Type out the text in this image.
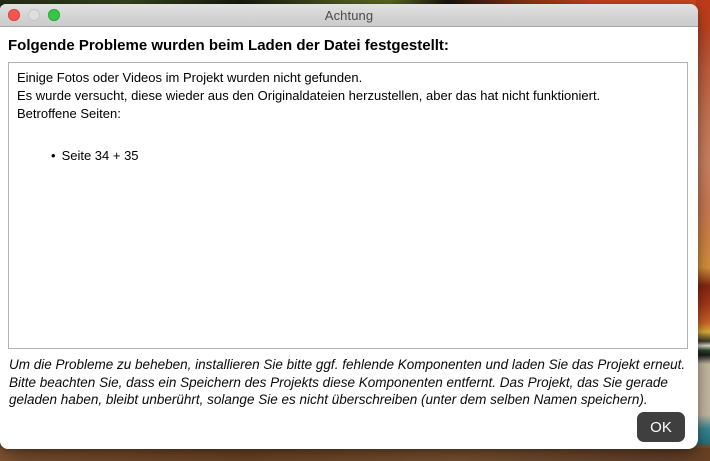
Achtung
Folgende Probleme wurden beim Laden der Datei festgestellt:
Einige Fotos oder Videos im Projekt wurden nicht gefunden.
Es wurde versucht, diese wieder aus den Originaldateien herzustellen, aber das hat nicht funktioniert.
Betroffene Seiten:
• Seite 34 + 35
Um die Probleme zu beheben, installieren Sie bitte ggf. fehlende Komponenten und laden Sie das Projekt erneut. Bitte beachten Sie, dass ein Speichern des Projekts diese Komponenten entfernt. Das Projekt, das Sie gerade geladen haben, bleibt unberührt, solange Sie es nicht überschreiben (unter dem selben Namen speichern).
OK
